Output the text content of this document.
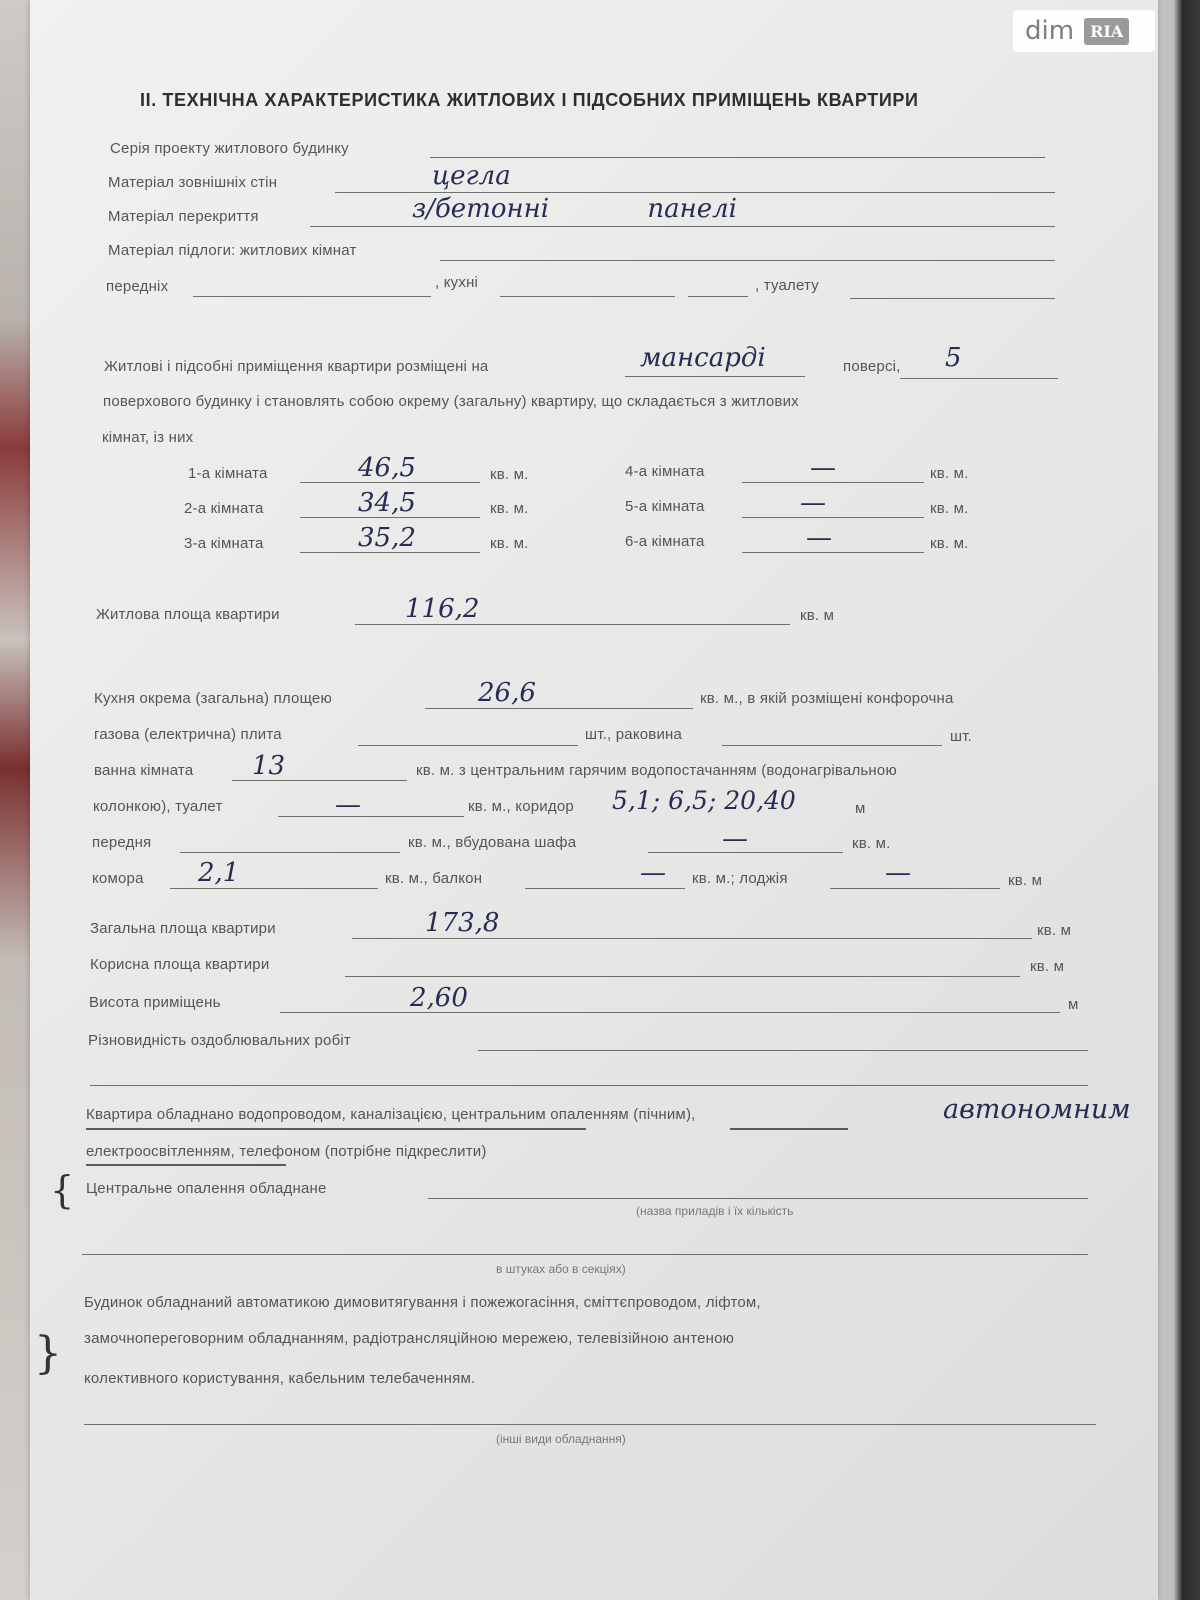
dim	RIA
ІІ. ТЕХНІЧНА ХАРАКТЕРИСТИКА ЖИТЛОВИХ І ПІДСОБНИХ ПРИМІЩЕНЬ КВАРТИРИ
Серія проекту житлового будинку
Матеріал зовнішніх стін	цегла
Матеріал перекриття	з/бетонні панелі
Матеріал підлоги: житлових кімнат
передніх	, кухні	, туалету
Житлові і підсобні приміщення квартири розміщені на	мансарді	поверсі, 5
поверхового будинку і становлять собою окрему (загальну) квартиру, що складається з житлових
кімнат, із них
1-а кімната	46,5	кв. м.
2-а кімната	34,5	кв. м.
3-а кімната	35,2	кв. м.
4-а кімната	—	кв. м.
5-а кімната	—	кв. м.
6-а кімната	—	кв. м.
Житлова площа квартири	116,2	кв. м
Кухня окрема (загальна) площею	26,6	кв. м., в якій розміщені конфорочна
газова (електрична) плита	шт., раковина	шт.
ванна кімната 13	кв. м. з центральним гарячим водопостачанням (водонагрівальною
колонкою), туалет	—	кв. м., коридор 5,1; 6,5; 20,40	м
передня	кв. м., вбудована шафа	—	кв. м.
комора 2,1	кв. м., балкон	— кв. м.; лоджія	—	кв. м
Загальна площа квартири	173,8	кв. м
Корисна площа квартири	кв. м
Висота приміщень	2,60	м
Різновидність оздоблювальних робіт
Квартира обладнано водопроводом, каналізацією, центральним опаленням (пічним),	автономним
електроосвітленням, телефоном (потрібне підкреслити)
{ Центральне опалення обладнане
(назва приладів і їх кількість
в штуках або в секціях)
Будинок обладнаний автоматикою димовитягування і пожежогасіння, сміттєпроводом, ліфтом,
замочнопереговорним обладнанням, радіотрансляційною мережею, телевізійною антеною
} колективного користування, кабельним телебаченням.
(інші види обладнання)
